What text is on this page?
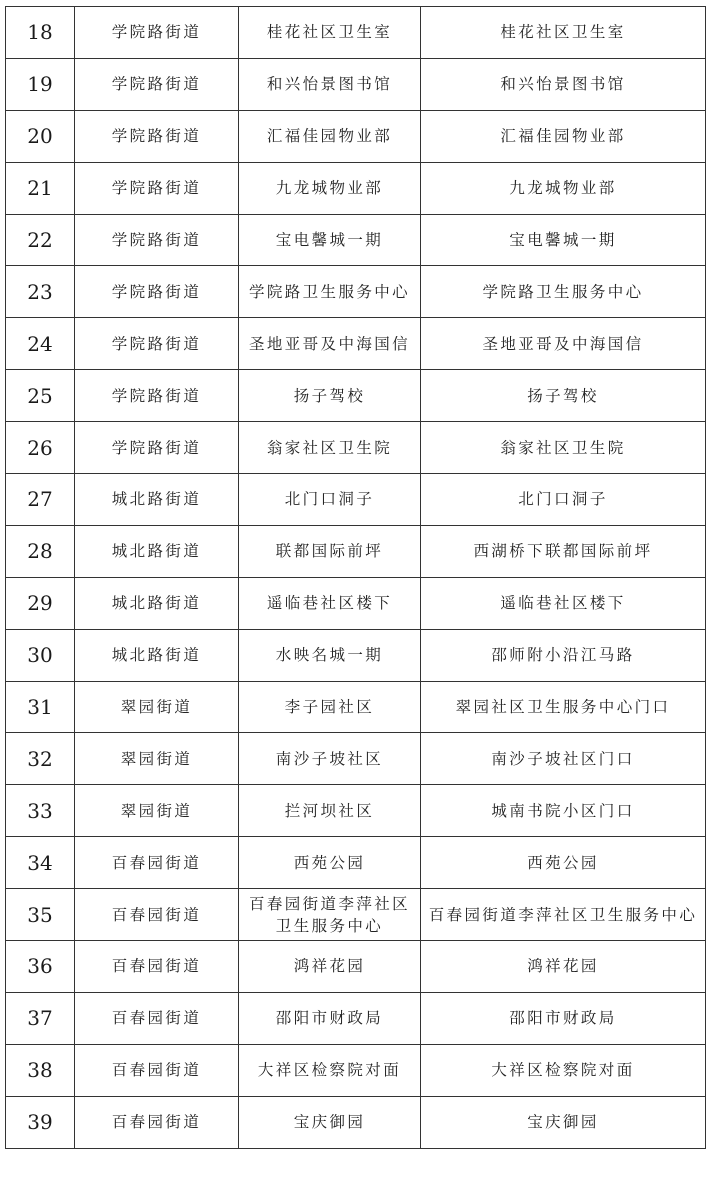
18	学院路街道	桂花社区卫生室	桂花社区卫生室
19	学院路街道	和兴怡景图书馆	和兴怡景图书馆
20	学院路街道	汇福佳园物业部	汇福佳园物业部
21	学院路街道	九龙城物业部	九龙城物业部
22	学院路街道	宝电馨城一期	宝电馨城一期
23	学院路街道	学院路卫生服务中心	学院路卫生服务中心
24	学院路街道	圣地亚哥及中海国信	圣地亚哥及中海国信
25	学院路街道	扬子驾校	扬子驾校
26	学院路街道	翁家社区卫生院	翁家社区卫生院
27	城北路街道	北门口洞子	北门口洞子
28	城北路街道	联都国际前坪	西湖桥下联都国际前坪
29	城北路街道	遥临巷社区楼下	遥临巷社区楼下
30	城北路街道	水映名城一期	邵师附小沿江马路
31	翠园街道	李子园社区	翠园社区卫生服务中心门口
32	翠园街道	南沙子坡社区	南沙子坡社区门口
33	翠园街道	拦河坝社区	城南书院小区门口
34	百春园街道	西苑公园	西苑公园
35	百春园街道	百春园街道李萍社区卫生服务中心	百春园街道李萍社区卫生服务中心
36	百春园街道	鸿祥花园	鸿祥花园
37	百春园街道	邵阳市财政局	邵阳市财政局
38	百春园街道	大祥区检察院对面	大祥区检察院对面
39	百春园街道	宝庆御园	宝庆御园
